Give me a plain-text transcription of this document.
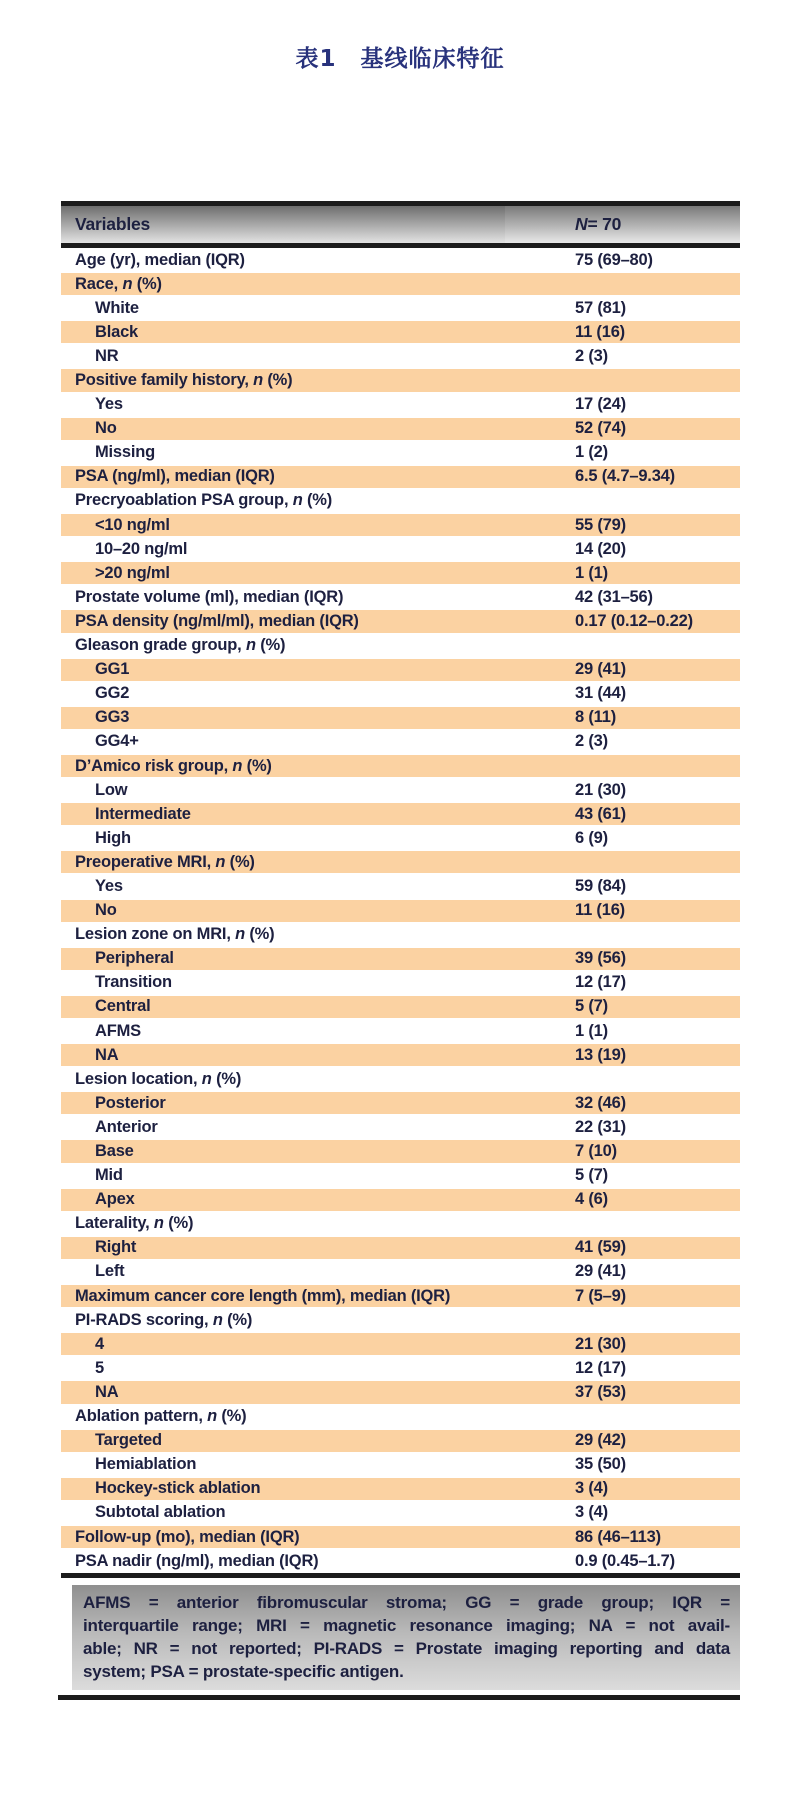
表1　基线临床特征
Variables	N = 70
Age (yr), median (IQR)	75 (69–80)
Race, n (%)
White	57 (81)
Black	11 (16)
NR	2 (3)
Positive family history, n (%)
Yes	17 (24)
No	52 (74)
Missing	1 (2)
PSA (ng/ml), median (IQR)	6.5 (4.7–9.34)
Precryoablation PSA group, n (%)
<10 ng/ml	55 (79)
10–20 ng/ml	14 (20)
>20 ng/ml	1 (1)
Prostate volume (ml), median (IQR)	42 (31–56)
PSA density (ng/ml/ml), median (IQR)	0.17 (0.12–0.22)
Gleason grade group, n (%)
GG1	29 (41)
GG2	31 (44)
GG3	8 (11)
GG4+	2 (3)
D’Amico risk group, n (%)
Low	21 (30)
Intermediate	43 (61)
High	6 (9)
Preoperative MRI, n (%)
Yes	59 (84)
No	11 (16)
Lesion zone on MRI, n (%)
Peripheral	39 (56)
Transition	12 (17)
Central	5 (7)
AFMS	1 (1)
NA	13 (19)
Lesion location, n (%)
Posterior	32 (46)
Anterior	22 (31)
Base	7 (10)
Mid	5 (7)
Apex	4 (6)
Laterality, n (%)
Right	41 (59)
Left	29 (41)
Maximum cancer core length (mm), median (IQR)	7 (5–9)
PI-RADS scoring, n (%)
4	21 (30)
5	12 (17)
NA	37 (53)
Ablation pattern, n (%)
Targeted	29 (42)
Hemiablation	35 (50)
Hockey-stick ablation	3 (4)
Subtotal ablation	3 (4)
Follow-up (mo), median (IQR)	86 (46–113)
PSA nadir (ng/ml), median (IQR)	0.9 (0.45–1.7)
AFMS = anterior fibromuscular stroma; GG = grade group; IQR =
interquartile range; MRI = magnetic resonance imaging; NA = not avail-
able; NR = not reported; PI-RADS = Prostate imaging reporting and data
system; PSA = prostate-specific antigen.
